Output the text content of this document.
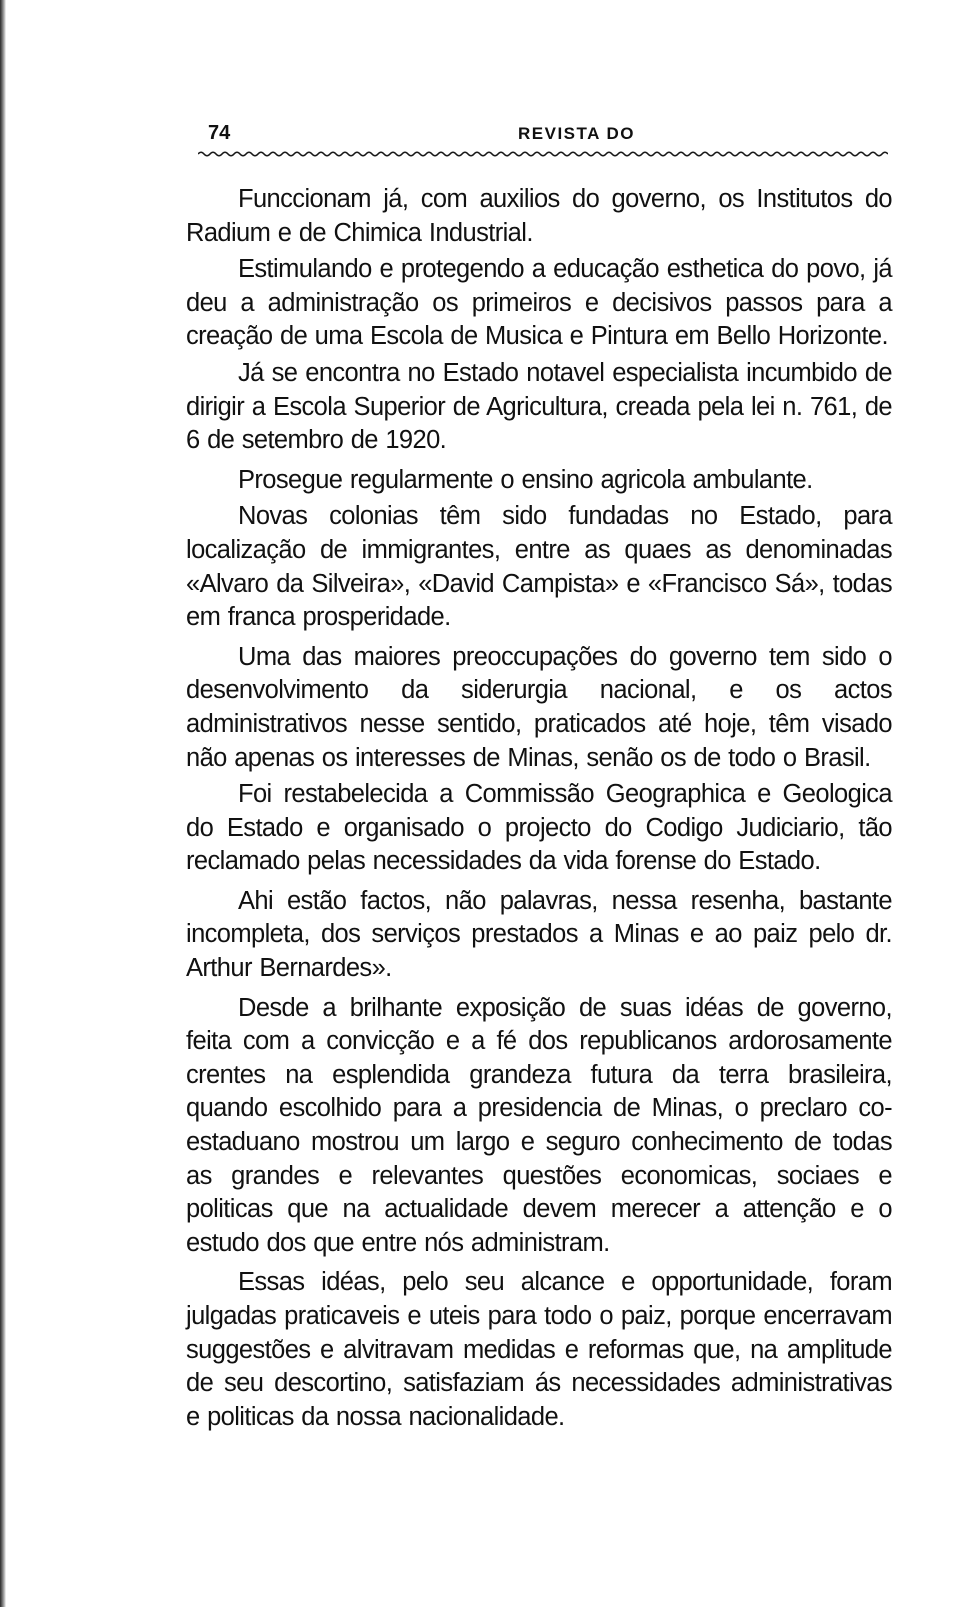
74	REVISTA DO

Funccionam já, com auxilios do governo, os Institutos do Radium e de Chimica Industrial.

Estimulando e protegendo a educação esthetica do povo, já deu a administração os primeiros e decisivos passos para a creação de uma Escola de Musica e Pintura em Bello Horizonte.

Já se encontra no Estado notavel especialista incumbido de dirigir a Escola Superior de Agricultura, creada pela lei n. 761, de 6 de setembro de 1920.

Prosegue regularmente o ensino agricola ambulante.

Novas colonias têm sido fundadas no Estado, para localização de immigrantes, entre as quaes as denominadas «Alvaro da Silveira», «David Campista» e «Francisco Sá», todas em franca prosperidade.

Uma das maiores preoccupações do governo tem sido o desenvolvimento da siderurgia nacional, e os actos administrativos nesse sentido, praticados até hoje, têm visado não apenas os interesses de Minas, senão os de todo o Brasil.

Foi restabelecida a Commissão Geographica e Geologica do Estado e organisado o projecto do Codigo Judiciario, tão reclamado pelas necessidades da vida forense do Estado.

Ahi estão factos, não palavras, nessa resenha, bastante incompleta, dos serviços prestados a Minas e ao paiz pelo dr. Arthur Bernardes».

Desde a brilhante exposição de suas idéas de governo, feita com a convicção e a fé dos republicanos ardorosamente crentes na esplendida grandeza futura da terra brasileira, quando escolhido para a presidencia de Minas, o preclaro co-estaduano mostrou um largo e seguro conhecimento de todas as grandes e relevantes questões economicas, sociaes e politicas que na actualidade devem merecer a attenção e o estudo dos que entre nós administram.

Essas idéas, pelo seu alcance e opportunidade, foram julgadas praticaveis e uteis para todo o paiz, porque encerravam suggestões e alvitravam medidas e reformas que, na amplitude de seu descortino, satisfaziam ás necessidades administrativas e politicas da nossa nacionalidade.
